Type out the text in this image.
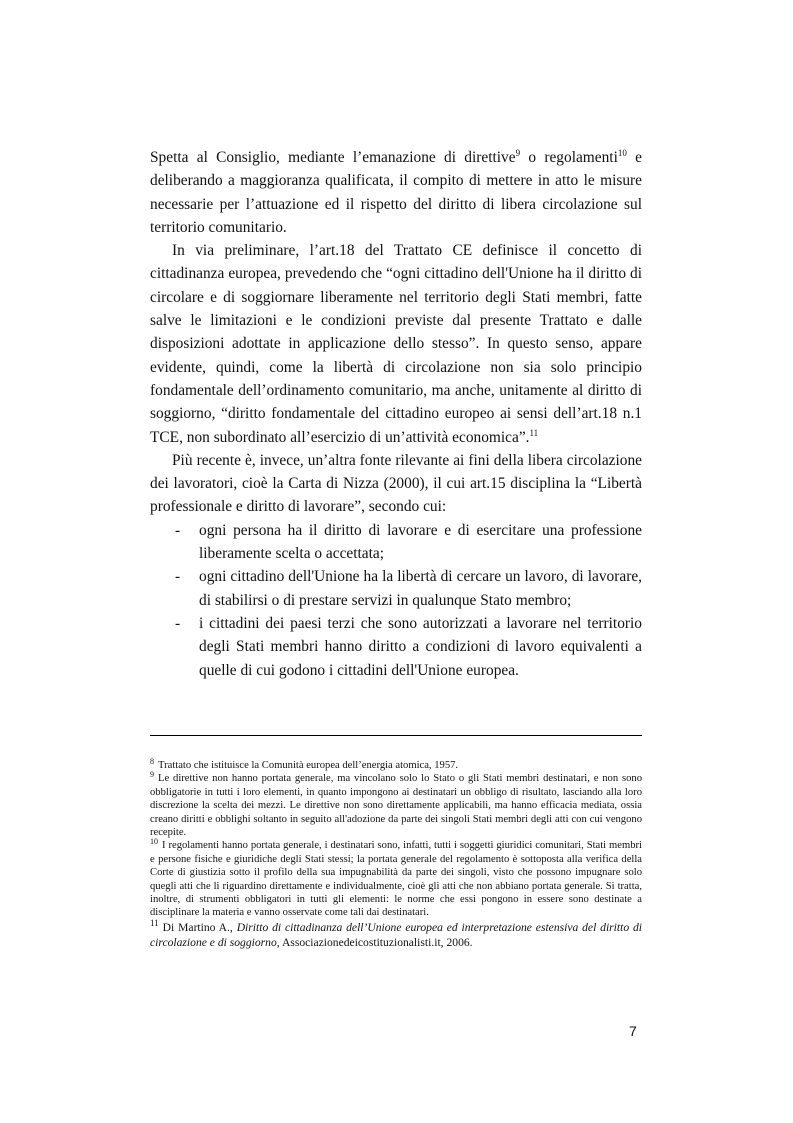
Spetta al Consiglio, mediante l’emanazione di direttive$^9$ o regolamenti$^{10}$ e deliberando a maggioranza qualificata, il compito di mettere in atto le misure necessarie per l’attuazione ed il rispetto del diritto di libera circolazione sul territorio comunitario.

In via preliminare, l’art.18 del Trattato CE definisce il concetto di cittadinanza europea, prevedendo che “ogni cittadino dell'Unione ha il diritto di circolare e di soggiornare liberamente nel territorio degli Stati membri, fatte salve le limitazioni e le condizioni previste dal presente Trattato e dalle disposizioni adottate in applicazione dello stesso”. In questo senso, appare evidente, quindi, come la libertà di circolazione non sia solo principio fondamentale dell’ordinamento comunitario, ma anche, unitamente al diritto di soggiorno, “diritto fondamentale del cittadino europeo ai sensi dell’art.18 n.1 TCE, non subordinato all’esercizio di un’attività economica”.$^{11}$

Più recente è, invece, un’altra fonte rilevante ai fini della libera circolazione dei lavoratori, cioè la Carta di Nizza (2000), il cui art.15 disciplina la “Libertà professionale e diritto di lavorare”, secondo cui:

- ogni persona ha il diritto di lavorare e di esercitare una professione liberamente scelta o accettata;
- ogni cittadino dell'Unione ha la libertà di cercare un lavoro, di lavorare, di stabilirsi o di prestare servizi in qualunque Stato membro;
- i cittadini dei paesi terzi che sono autorizzati a lavorare nel territorio degli Stati membri hanno diritto a condizioni di lavoro equivalenti a quelle di cui godono i cittadini dell'Unione europea.

$^8$ Trattato che istituisce la Comunità europea dell’energia atomica, 1957.

$^9$ Le direttive non hanno portata generale, ma vincolano solo lo Stato o gli Stati membri destinatari, e non sono obbligatorie in tutti i loro elementi, in quanto impongono ai destinatari un obbligo di risultato, lasciando alla loro discrezione la scelta dei mezzi. Le direttive non sono direttamente applicabili, ma hanno efficacia mediata, ossia creano diritti e obblighi soltanto in seguito all'adozione da parte dei singoli Stati membri degli atti con cui vengono recepite.

$^{10}$ I regolamenti hanno portata generale, i destinatari sono, infatti, tutti i soggetti giuridici comunitari, Stati membri e persone fisiche e giuridiche degli Stati stessi; la portata generale del regolamento è sottoposta alla verifica della Corte di giustizia sotto il profilo della sua impugnabilità da parte dei singoli, visto che possono impugnare solo quegli atti che li riguardino direttamente e individualmente, cioè gli atti che non abbiano portata generale. Si tratta, inoltre, di strumenti obbligatori in tutti gli elementi: le norme che essi pongono in essere sono destinate a disciplinare la materia e vanno osservate come tali dai destinatari.

$^{11}$ Di Martino A., Diritto di cittadinanza dell’Unione europea ed interpretazione estensiva del diritto di circolazione e di soggiorno, Associazionedeicostituzionalisti.it, 2006.

7
